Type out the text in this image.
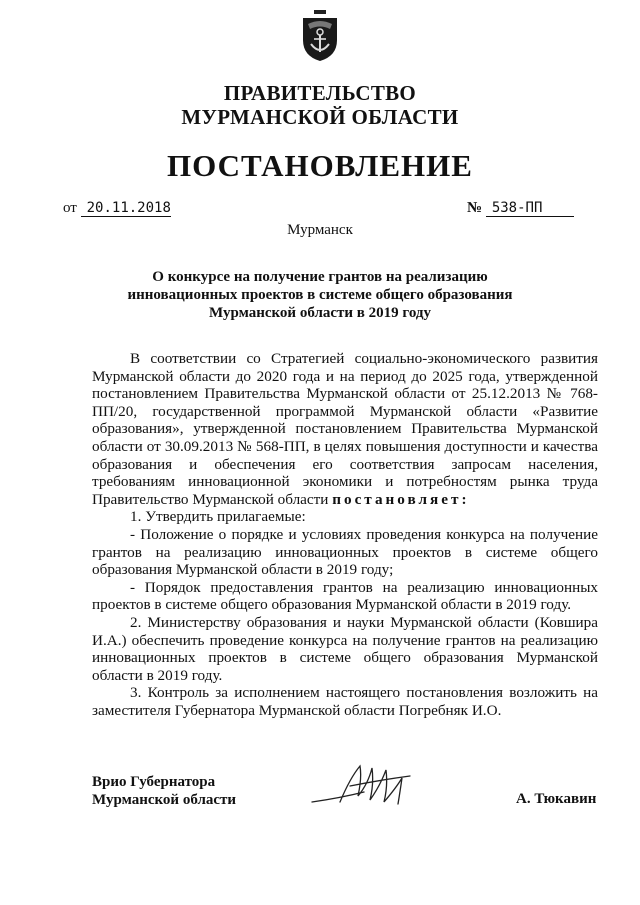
ПРАВИТЕЛЬСТВО
МУРМАНСКОЙ ОБЛАСТИ
ПОСТАНОВЛЕНИЕ
от 20.11.2018	№ 538-ПП
Мурманск
О конкурсе на получение грантов на реализацию
инновационных проектов в системе общего образования
Мурманской области в 2019 году

В соответствии со Стратегией социально-экономического развития Мурманской области до 2020 года и на период до 2025 года, утвержденной постановлением Правительства Мурманской области от 25.12.2013 № 768-ПП/20, государственной программой Мурманской области «Развитие образования», утвержденной постановлением Правительства Мурманской области от 30.09.2013 № 568-ПП, в целях повышения доступности и качества образования и обеспечения его соответствия запросам населения, требованиям инновационной экономики и потребностям рынка труда Правительство Мурманской области постановляет:

1. Утвердить прилагаемые:

- Положение о порядке и условиях проведения конкурса на получение грантов на реализацию инновационных проектов в системе общего образования Мурманской области в 2019 году;

- Порядок предоставления грантов на реализацию инновационных проектов в системе общего образования Мурманской области в 2019 году.

2. Министерству образования и науки Мурманской области (Ковшира И.А.) обеспечить проведение конкурса на получение грантов на реализацию инновационных проектов в системе общего образования Мурманской области в 2019 году.

3. Контроль за исполнением настоящего постановления возложить на заместителя Губернатора Мурманской области Погребняк И.О.

Врио Губернатора
Мурманской области	А. Тюкавин
